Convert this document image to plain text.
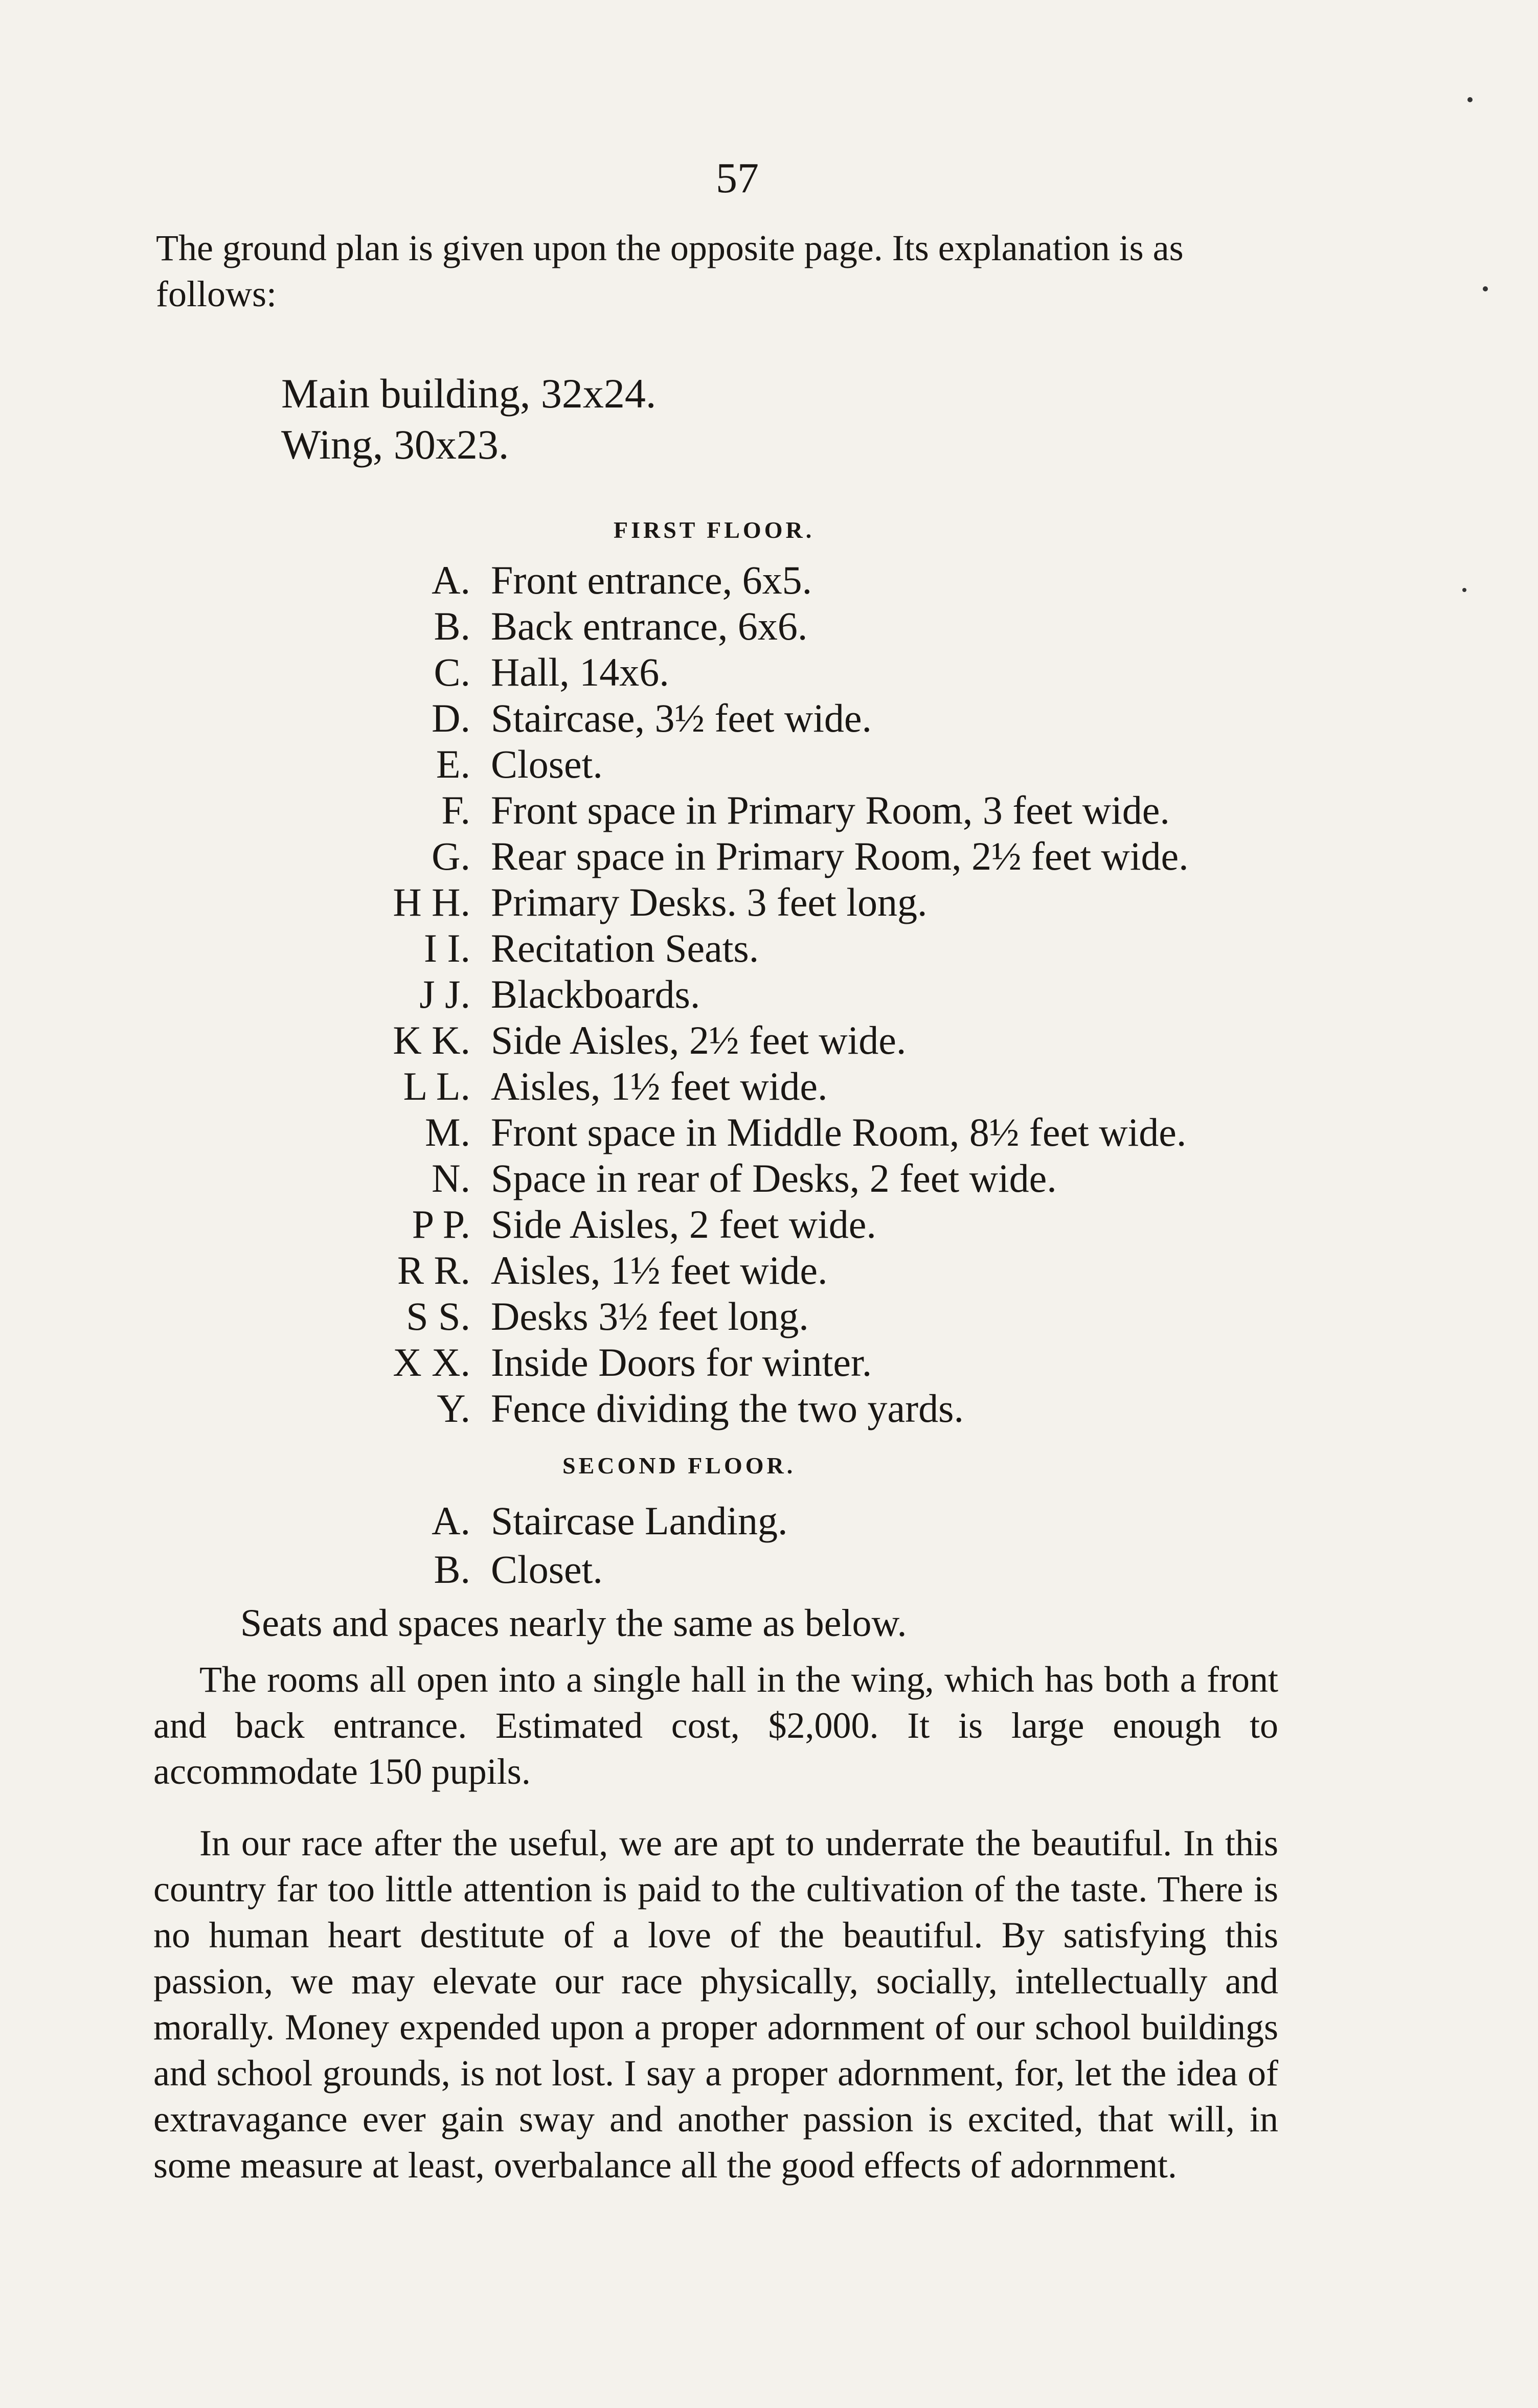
57
The ground plan is given upon the opposite page. Its explanation is as follows:
Main building, 32x24.
Wing, 30x23.
FIRST FLOOR.
A. Front entrance, 6x5.
B. Back entrance, 6x6.
C. Hall, 14x6.
D. Staircase, 3½ feet wide.
E. Closet.
F. Front space in Primary Room, 3 feet wide.
G. Rear space in Primary Room, 2½ feet wide.
H H. Primary Desks. 3 feet long.
I I. Recitation Seats.
J J. Blackboards.
K K. Side Aisles, 2½ feet wide.
L L. Aisles, 1½ feet wide.
M. Front space in Middle Room, 8½ feet wide.
N. Space in rear of Desks, 2 feet wide.
P P. Side Aisles, 2 feet wide.
R R. Aisles, 1½ feet wide.
S S. Desks 3½ feet long.
X X. Inside Doors for winter.
Y. Fence dividing the two yards.
SECOND FLOOR.
A. Staircase Landing.
B. Closet.
Seats and spaces nearly the same as below.
The rooms all open into a single hall in the wing, which has both a front and back entrance. Estimated cost, $2,000. It is large enough to accommodate 150 pupils.
In our race after the useful, we are apt to underrate the beautiful. In this country far too little attention is paid to the cultivation of the taste. There is no human heart destitute of a love of the beautiful. By satisfying this passion, we may elevate our race physically, socially, intellectually and morally. Money expended upon a proper adornment of our school buildings and school grounds, is not lost. I say a proper adornment, for, let the idea of extravagance ever gain sway and another passion is excited, that will, in some measure at least, overbalance all the good effects of adornment.
